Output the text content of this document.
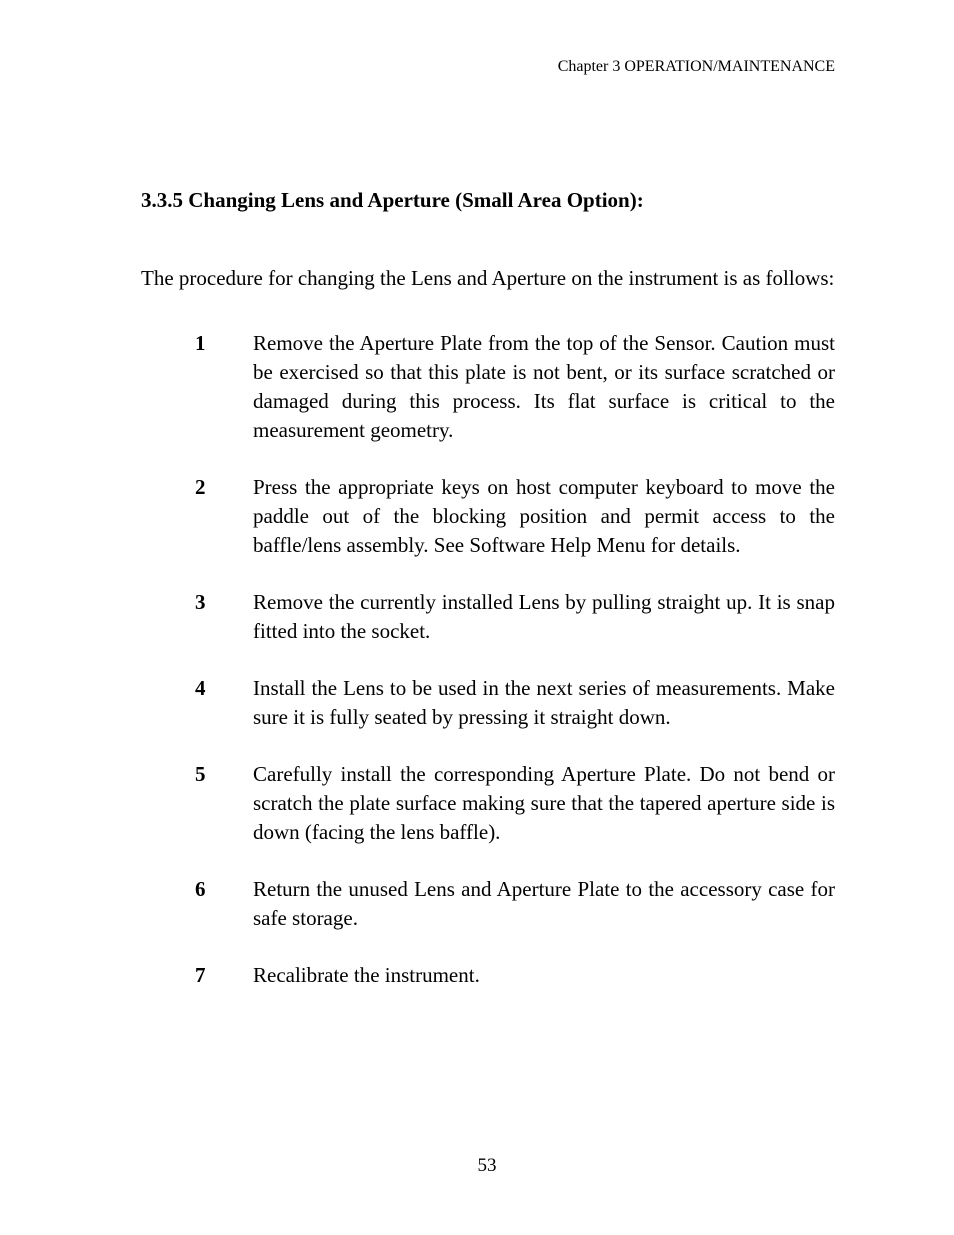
Chapter 3 OPERATION/MAINTENANCE
3.3.5 Changing Lens and Aperture (Small Area Option):

The procedure for changing the Lens and Aperture on the instrument is as follows:

1	Remove the Aperture Plate from the top of the Sensor. Caution must be exercised so that this plate is not bent, or its surface scratched or damaged during this process. Its flat surface is critical to the measurement geometry.
2	Press the appropriate keys on host computer keyboard to move the paddle out of the blocking position and permit access to the baffle/lens assembly. See Software Help Menu for details.
3	Remove the currently installed Lens by pulling straight up. It is snap fitted into the socket.
4	Install the Lens to be used in the next series of measurements. Make sure it is fully seated by pressing it straight down.
5	Carefully install the corresponding Aperture Plate. Do not bend or scratch the plate surface making sure that the tapered aperture side is down (facing the lens baffle).
6	Return the unused Lens and Aperture Plate to the accessory case for safe storage.
7	Recalibrate the instrument.
53
